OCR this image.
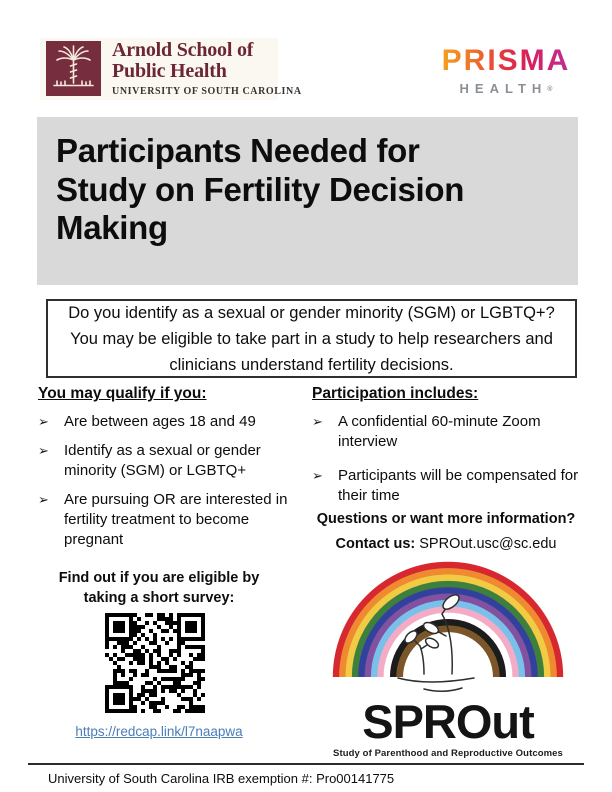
Arnold School of
Public Health
UNIVERSITY OF SOUTH CAROLINA
PRISMA
HEALTH®
Participants Needed for
Study on Fertility Decision
Making
Do you identify as a sexual or gender minority (SGM) or LGBTQ+? You may be eligible to take part in a study to help researchers and clinicians understand fertility decisions.
You may qualify if you:
➢	Are between ages 18 and 49
➢	Identify as a sexual or gender minority (SGM) or LGBTQ+
➢	Are pursuing OR are interested in fertility treatment to become pregnant
Participation includes:
➢	A confidential 60-minute Zoom interview
➢	Participants will be compensated for their time
Questions or want more information?
Contact us: SPROut.usc@sc.edu
Find out if you are eligible by taking a short survey:
https://redcap.link/l7naapwa	SPROut
Study of Parenthood and Reproductive Outcomes
University of South Carolina IRB exemption #: Pro00141775
